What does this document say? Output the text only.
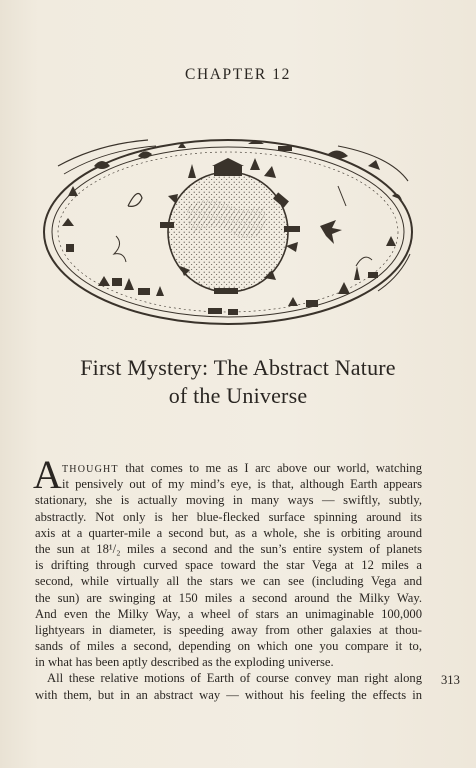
CHAPTER 12
First Mystery: The Abstract Nature
of the Universe
A THOUGHT that comes to me as I arc above our world, watching
it pensively out of my mind’s eye, is that, although Earth appears
stationary, she is actually moving in many ways — swiftly, subtly,
abstractly. Not only is her blue-flecked surface spinning around its
axis at a quarter-mile a second but, as a whole, she is orbiting around
the sun at 18¹/₂ miles a second and the sun’s entire system of planets
is drifting through curved space toward the star Vega at 12 miles a
second, while virtually all the stars we can see (including Vega and
the sun) are swinging at 150 miles a second around the Milky Way.
And even the Milky Way, a wheel of stars an unimaginable 100,000
lightyears in diameter, is speeding away from other galaxies at thou-
sands of miles a second, depending on which one you compare it to,
in what has been aptly described as the exploding universe.
All these relative motions of Earth of course convey man right along
with them, but in an abstract way — without his feeling the effects in
313
